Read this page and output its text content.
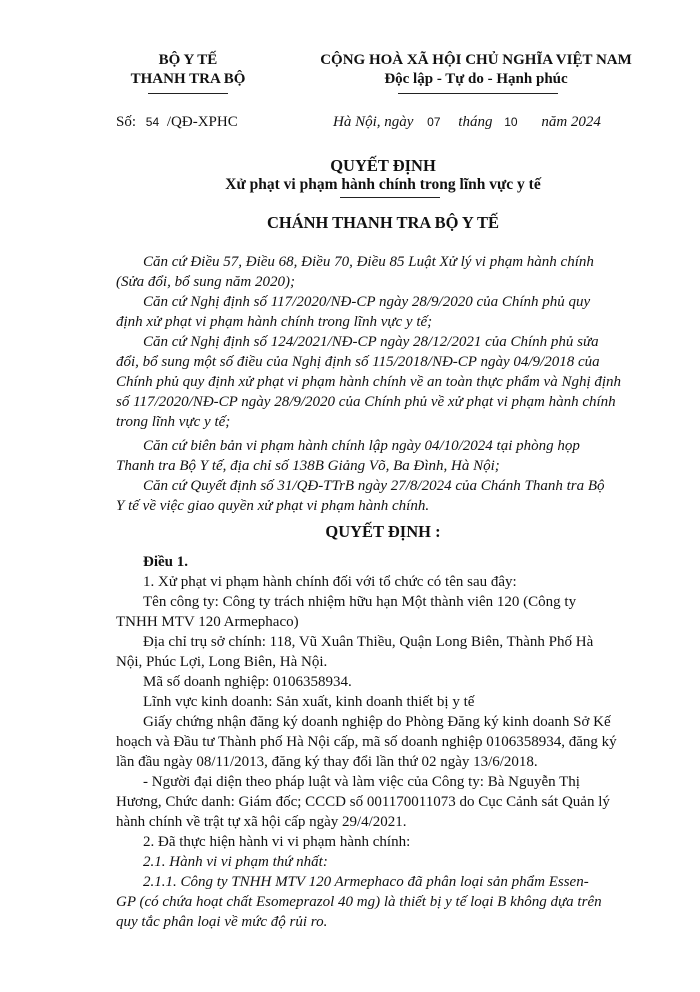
BỘ Y TẾ
THANH TRA BỘ
Số: 54 /QĐ-XPHC
CỘNG HOÀ XÃ HỘI CHỦ NGHĨA VIỆT NAM
Độc lập - Tự do - Hạnh phúc
Hà Nội, ngày 07 tháng 10 năm 2024
QUYẾT ĐỊNH
Xử phạt vi phạm hành chính trong lĩnh vực y tế
CHÁNH THANH TRA BỘ Y TẾ
Căn cứ Điều 57, Điều 68, Điều 70, Điều 85 Luật Xử lý vi phạm hành chính
(Sửa đổi, bổ sung năm 2020);
Căn cứ Nghị định số 117/2020/NĐ-CP ngày 28/9/2020 của Chính phủ quy
định xử phạt vi phạm hành chính trong lĩnh vực y tế;
Căn cứ Nghị định số 124/2021/NĐ-CP ngày 28/12/2021 của Chính phủ sửa
đổi, bổ sung một số điều của Nghị định số 115/2018/NĐ-CP ngày 04/9/2018 của
Chính phủ quy định xử phạt vi phạm hành chính về an toàn thực phẩm và Nghị định
số 117/2020/NĐ-CP ngày 28/9/2020 của Chính phủ về xử phạt vi phạm hành chính
trong lĩnh vực y tế;
Căn cứ biên bản vi phạm hành chính lập ngày 04/10/2024 tại phòng họp
Thanh tra Bộ Y tế, địa chỉ số 138B Giảng Võ, Ba Đình, Hà Nội;
Căn cứ Quyết định số 31/QĐ-TTrB ngày 27/8/2024 của Chánh Thanh tra Bộ
Y tế về việc giao quyền xử phạt vi phạm hành chính.
QUYẾT ĐỊNH :
Điều 1.
1. Xử phạt vi phạm hành chính đối với tổ chức có tên sau đây:
Tên công ty: Công ty trách nhiệm hữu hạn Một thành viên 120 (Công ty
TNHH MTV 120 Armephaco)
Địa chỉ trụ sở chính: 118, Vũ Xuân Thiều, Quận Long Biên, Thành Phố Hà
Nội, Phúc Lợi, Long Biên, Hà Nội.
Mã số doanh nghiệp: 0106358934.
Lĩnh vực kinh doanh: Sản xuất, kinh doanh thiết bị y tế
Giấy chứng nhận đăng ký doanh nghiệp do Phòng Đăng ký kinh doanh Sở Kế
hoạch và Đầu tư Thành phố Hà Nội cấp, mã số doanh nghiệp 0106358934, đăng ký
lần đầu ngày 08/11/2013, đăng ký thay đổi lần thứ 02 ngày 13/6/2018.
- Người đại diện theo pháp luật và làm việc của Công ty: Bà Nguyễn Thị
Hương, Chức danh: Giám đốc; CCCD số 001170011073 do Cục Cảnh sát Quản lý
hành chính về trật tự xã hội cấp ngày 29/4/2021.
2. Đã thực hiện hành vi vi phạm hành chính:
2.1. Hành vi vi phạm thứ nhất:
2.1.1. Công ty TNHH MTV 120 Armephaco đã phân loại sản phẩm Essen-
GP (có chứa hoạt chất Esomeprazol 40 mg) là thiết bị y tế loại B không dựa trên
quy tắc phân loại về mức độ rủi ro.
